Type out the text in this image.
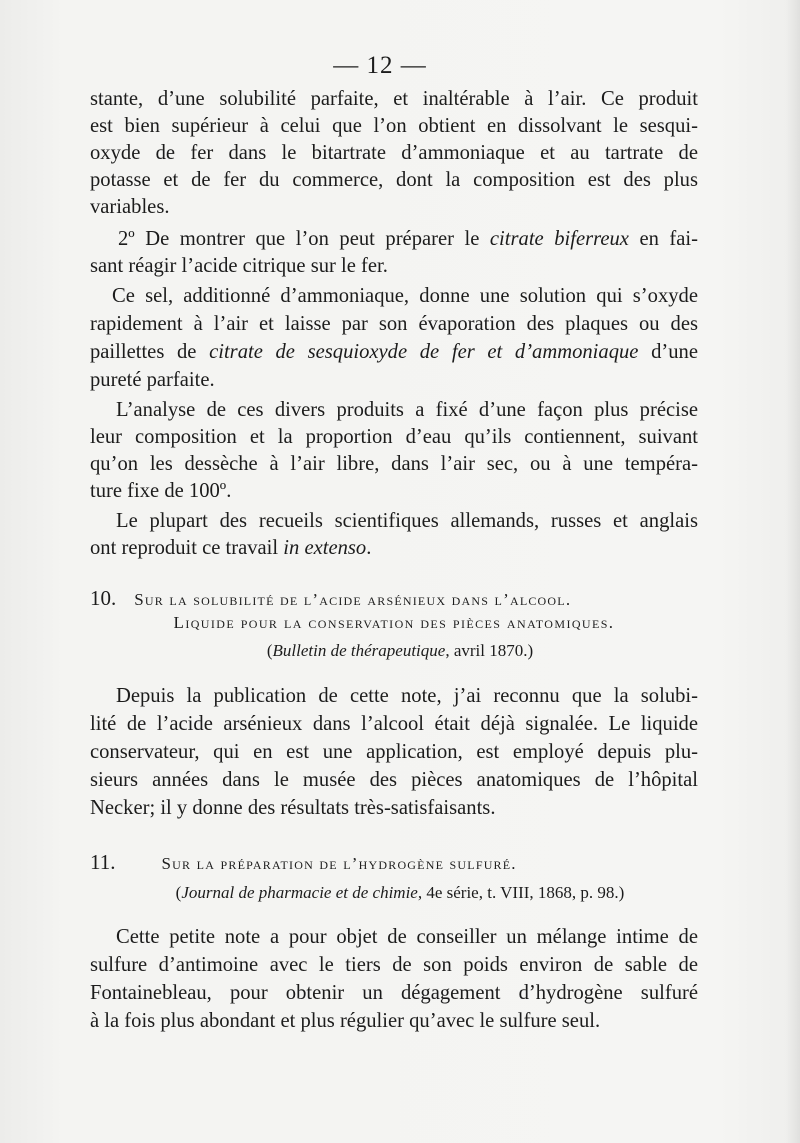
— 12 —
stante, d’une solubilité parfaite, et inaltérable à l’air. Ce produit
est bien supérieur à celui que l’on obtient en dissolvant le sesqui-
oxyde de fer dans le bitartrate d’ammoniaque et au tartrate de
potasse et de fer du commerce, dont la composition est des plus
variables.
2º De montrer que l’on peut préparer le citrate biferreux en fai-
sant réagir l’acide citrique sur le fer.
Ce sel, additionné d’ammoniaque, donne une solution qui s’oxyde
rapidement à l’air et laisse par son évaporation des plaques ou des
paillettes de citrate de sesquioxyde de fer et d’ammoniaque d’une
pureté parfaite.
L’analyse de ces divers produits a fixé d’une façon plus précise
leur composition et la proportion d’eau qu’ils contiennent, suivant
qu’on les dessèche à l’air libre, dans l’air sec, ou à une tempéra-
ture fixe de 100º.
Le plupart des recueils scientifiques allemands, russes et anglais
ont reproduit ce travail in extenso.
10. Sur la solubilité de l’acide arsénieux dans l’alcool.
Liquide pour la conservation des pièces anatomiques.
(Bulletin de thérapeutique, avril 1870.)
Depuis la publication de cette note, j’ai reconnu que la solubi-
lité de l’acide arsénieux dans l’alcool était déjà signalée. Le liquide
conservateur, qui en est une application, est employé depuis plu-
sieurs années dans le musée des pièces anatomiques de l’hôpital
Necker; il y donne des résultats très-satisfaisants.
11.	Sur la préparation de l’hydrogène sulfuré.
(Journal de pharmacie et de chimie, 4e série, t. VIII, 1868, p. 98.)
Cette petite note a pour objet de conseiller un mélange intime de
sulfure d’antimoine avec le tiers de son poids environ de sable de
Fontainebleau, pour obtenir un dégagement d’hydrogène sulfuré
à la fois plus abondant et plus régulier qu’avec le sulfure seul.
